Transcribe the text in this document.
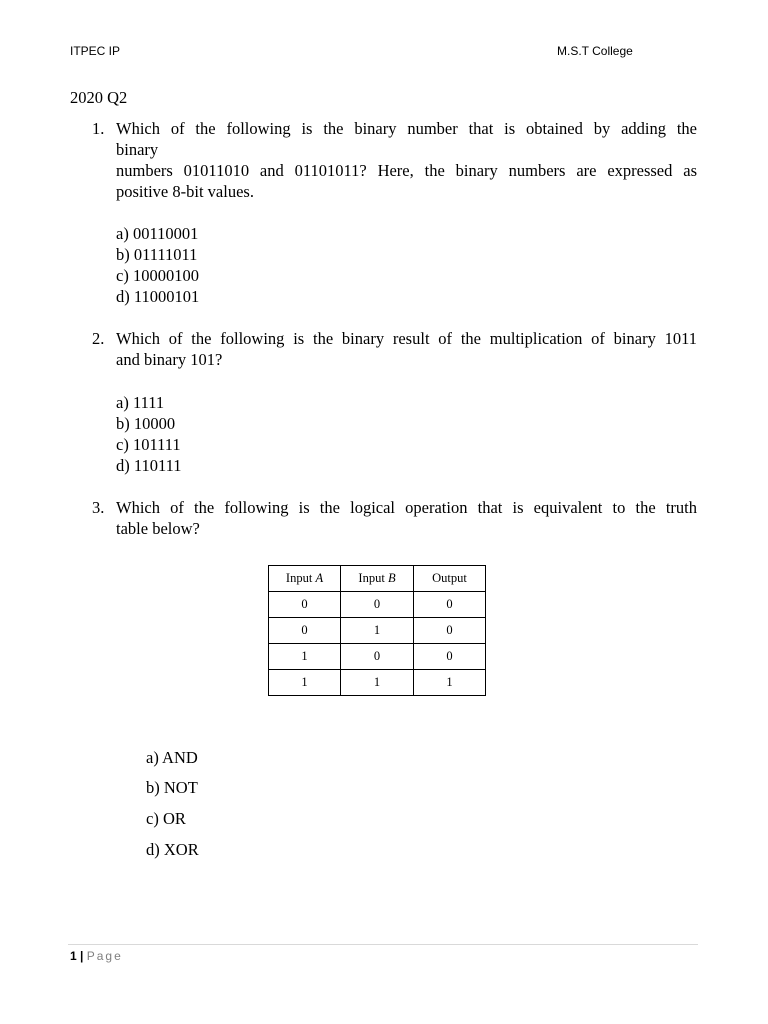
ITPEC IP	M.S.T College
2020 Q2
1. Which of the following is the binary number that is obtained by adding the
binary
numbers 01011010 and 01101011? Here, the binary numbers are expressed as
positive 8-bit values.
a) 00110001
b) 01111011
c) 10000100
d) 11000101
2. Which of the following is the binary result of the multiplication of binary 1011
and binary 101?
a) 1111
b) 10000
c) 101111
d) 110111
3. Which of the following is the logical operation that is equivalent to the truth
table below?
Input A	Input B	Output
0	0	0
0	1	0
1	0	0
1	1	1
a) AND
b) NOT
c) OR
d) XOR
1 | Page
